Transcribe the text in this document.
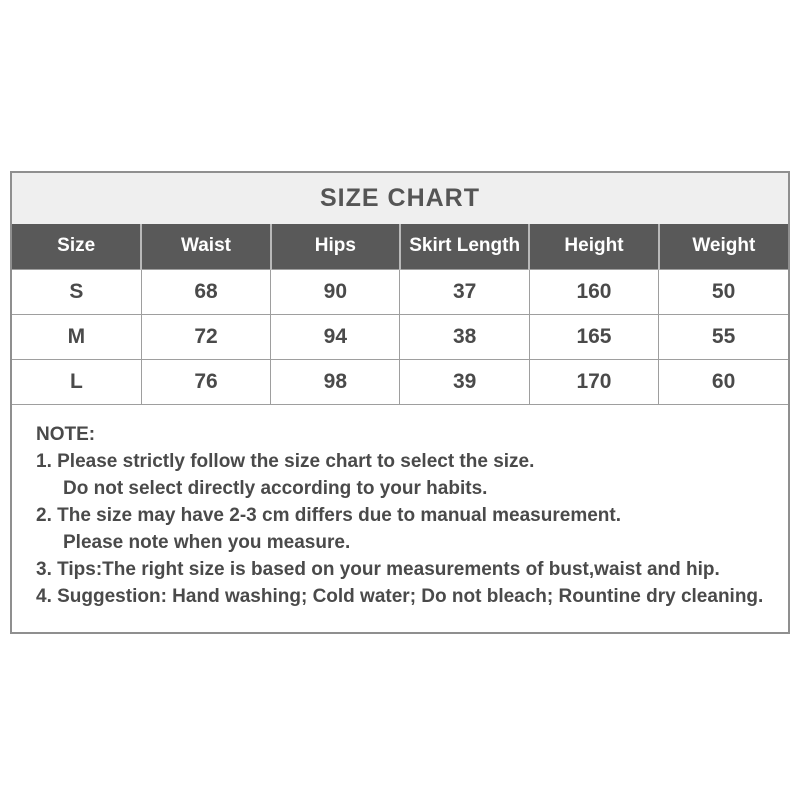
SIZE CHART
Size	Waist	Hips	Skirt Length	Height	Weight
S	68	90	37	160	50
M	72	94	38	165	55
L	76	98	39	170	60
NOTE:
1. Please strictly follow the size chart to select the size.
Do not select directly according to your habits.
2. The size may have 2-3 cm differs due to manual measurement.
Please note when you measure.
3. Tips:The right size is based on your measurements of bust,waist and hip.
4. Suggestion: Hand washing; Cold water; Do not bleach; Rountine dry cleaning.
